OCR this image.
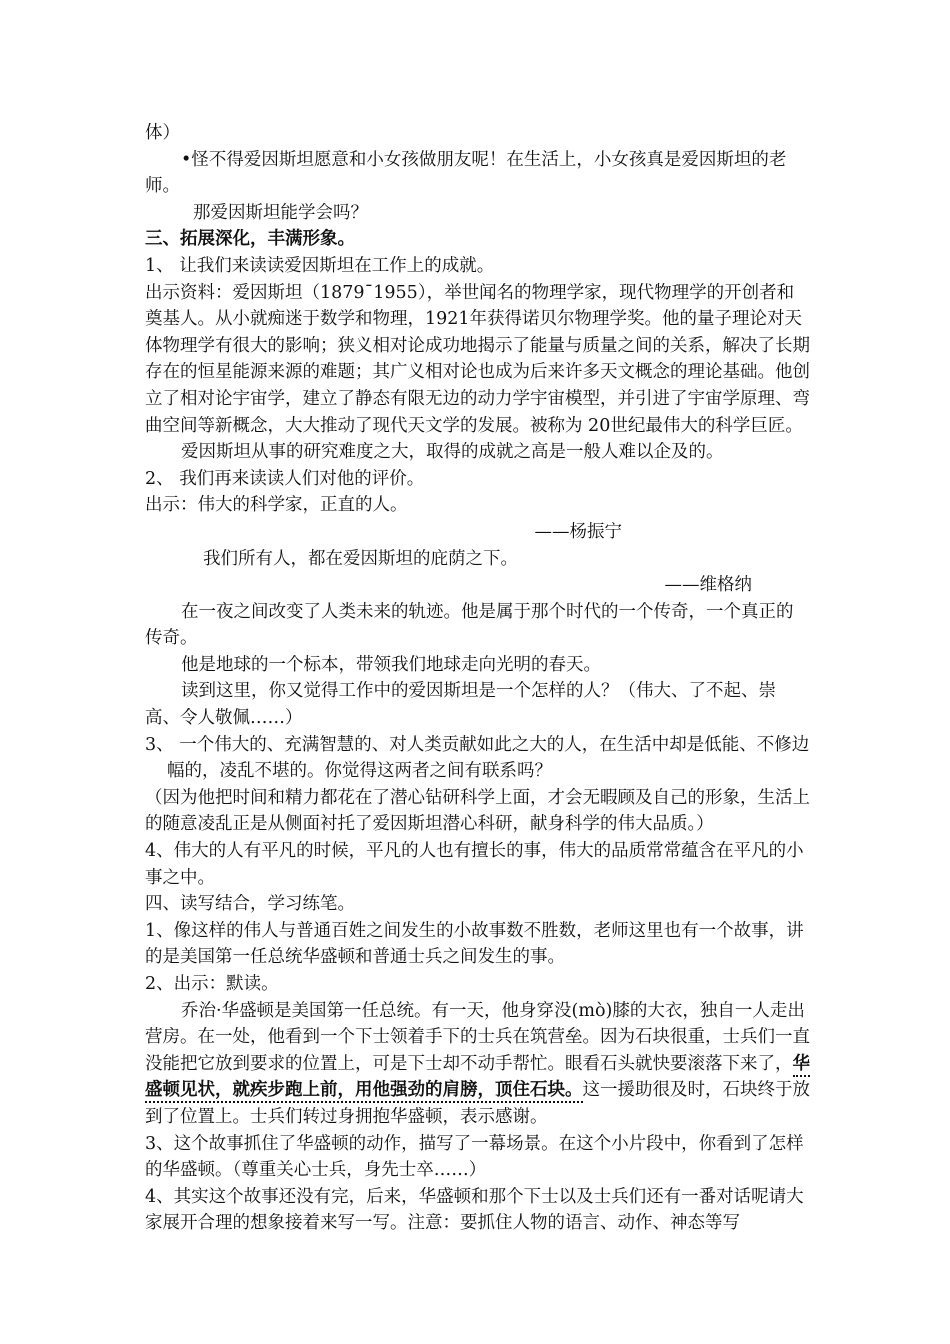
体）

•怪不得爱因斯坦愿意和小女孩做朋友呢！在生活上，小女孩真是爱因斯坦的老师。

那爱因斯坦能学会吗？

三、拓展深化，丰满形象。

1、 让我们来读读爱因斯坦在工作上的成就。

出示资料：爱因斯坦（1879¯1955），举世闻名的物理学家，现代物理学的开创者和奠基人。从小就痴迷于数学和物理，1921年获得诺贝尔物理学奖。他的量子理论对天体物理学有很大的影响；狭义相对论成功地揭示了能量与质量之间的关系，解决了长期存在的恒星能源来源的难题；其广义相对论也成为后来许多天文概念的理论基础。他创立了相对论宇宙学，建立了静态有限无边的动力学宇宙模型，并引进了宇宙学原理、弯曲空间等新概念，大大推动了现代天文学的发展。被称为 20世纪最伟大的科学巨匠。

爱因斯坦从事的研究难度之大，取得的成就之高是一般人难以企及的。

2、 我们再来读读人们对他的评价。

出示：伟大的科学家，正直的人。

——杨振宁

我们所有人，都在爱因斯坦的庇荫之下。

——维格纳

在一夜之间改变了人类未来的轨迹。他是属于那个时代的一个传奇，一个真正的传奇。

他是地球的一个标本，带领我们地球走向光明的春天。

读到这里，你又觉得工作中的爱因斯坦是一个怎样的人？（伟大、了不起、崇高、令人敬佩……）

3、 一个伟大的、充满智慧的、对人类贡献如此之大的人，在生活中却是低能、不修边幅的，凌乱不堪的。你觉得这两者之间有联系吗？

（因为他把时间和精力都花在了潜心钻研科学上面，才会无暇顾及自己的形象，生活上的随意凌乱正是从侧面衬托了爱因斯坦潜心科研，献身科学的伟大品质。）

4、伟大的人有平凡的时候，平凡的人也有擅长的事，伟大的品质常常蕴含在平凡的小事之中。

四、读写结合，学习练笔。

1、像这样的伟人与普通百姓之间发生的小故事数不胜数，老师这里也有一个故事，讲的是美国第一任总统华盛顿和普通士兵之间发生的事。

2、出示：默读。

乔治·华盛顿是美国第一任总统。有一天，他身穿没(mò)膝的大衣，独自一人走出营房。在一处，他看到一个下士领着手下的士兵在筑营垒。因为石块很重，士兵们一直没能把它放到要求的位置上，可是下士却不动手帮忙。眼看石头就快要滚落下来了，华盛顿见状，就疾步跑上前，用他强劲的肩膀，顶住石块。这一援助很及时，石块终于放到了位置上。士兵们转过身拥抱华盛顿，表示感谢。

3、这个故事抓住了华盛顿的动作，描写了一幕场景。在这个小片段中，你看到了怎样的华盛顿。（尊重关心士兵，身先士卒……）

4、其实这个故事还没有完，后来，华盛顿和那个下士以及士兵们还有一番对话呢请大家展开合理的想象接着来写一写。注意：要抓住人物的语言、动作、神态等写
